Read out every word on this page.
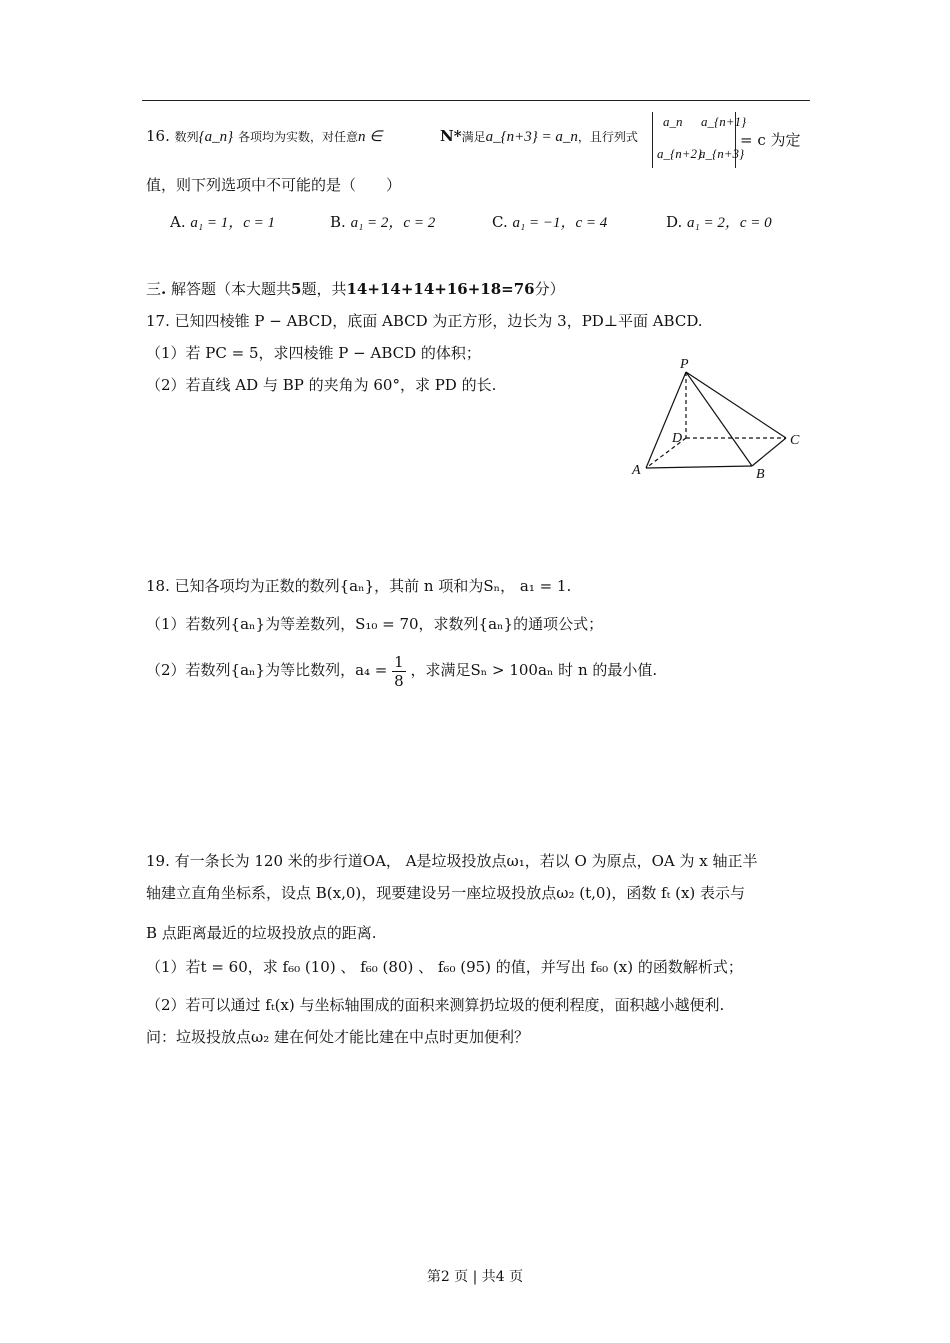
16. 数列{a_n} 各项均为实数，对任意n ∈	N*满足a_{n+3} = a_n，且行列式
a_n a_{n+1}
a_{n+2}
a_{n+3}
= c 为定
值，则下列选项中不可能的是（　　）
A. a₁ = 1，c = 1	B. a₁ = 2，c = 2	C. a₁ = −1，c = 4	D. a₁ = 2，c = 0
三. 解答题（本大题共5题，共14+14+14+16+18=76分）
17. 已知四棱锥 P − ABCD，底面 ABCD 为正方形，边长为 3，PD⊥平面 ABCD.
（1）若 PC = 5，求四棱锥 P − ABCD 的体积；
（2）若直线 AD 与 BP 的夹角为 60°，求 PD 的长.
P
D	C
A	B
18. 已知各项均为正数的数列{aₙ}，其前 n 项和为Sₙ， a₁ = 1.
（1）若数列{aₙ}为等差数列，S₁₀ = 70，求数列{aₙ}的通项公式；
（2）若数列{aₙ}为等比数列，$a_4 = \frac{1}{8}$ ，求满足Sₙ > 100aₙ 时 n 的最小值.
19. 有一条长为 120 米的步行道OA， A是垃圾投放点ω₁，若以 O 为原点，OA 为 x 轴正半
轴建立直角坐标系，设点 B(x,0)，现要建设另一座垃圾投放点ω₂ (t,0)，函数 fₜ (x) 表示与
B 点距离最近的垃圾投放点的距离.
（1）若t = 60，求 f₆₀ (10) 、 f₆₀ (80) 、 f₆₀ (95) 的值，并写出 f₆₀ (x) 的函数解析式；
（2）若可以通过 fₜ(x) 与坐标轴围成的面积来测算扔垃圾的便利程度，面积越小越便利.
问：垃圾投放点ω₂ 建在何处才能比建在中点时更加便利？
第2 页 | 共4 页
